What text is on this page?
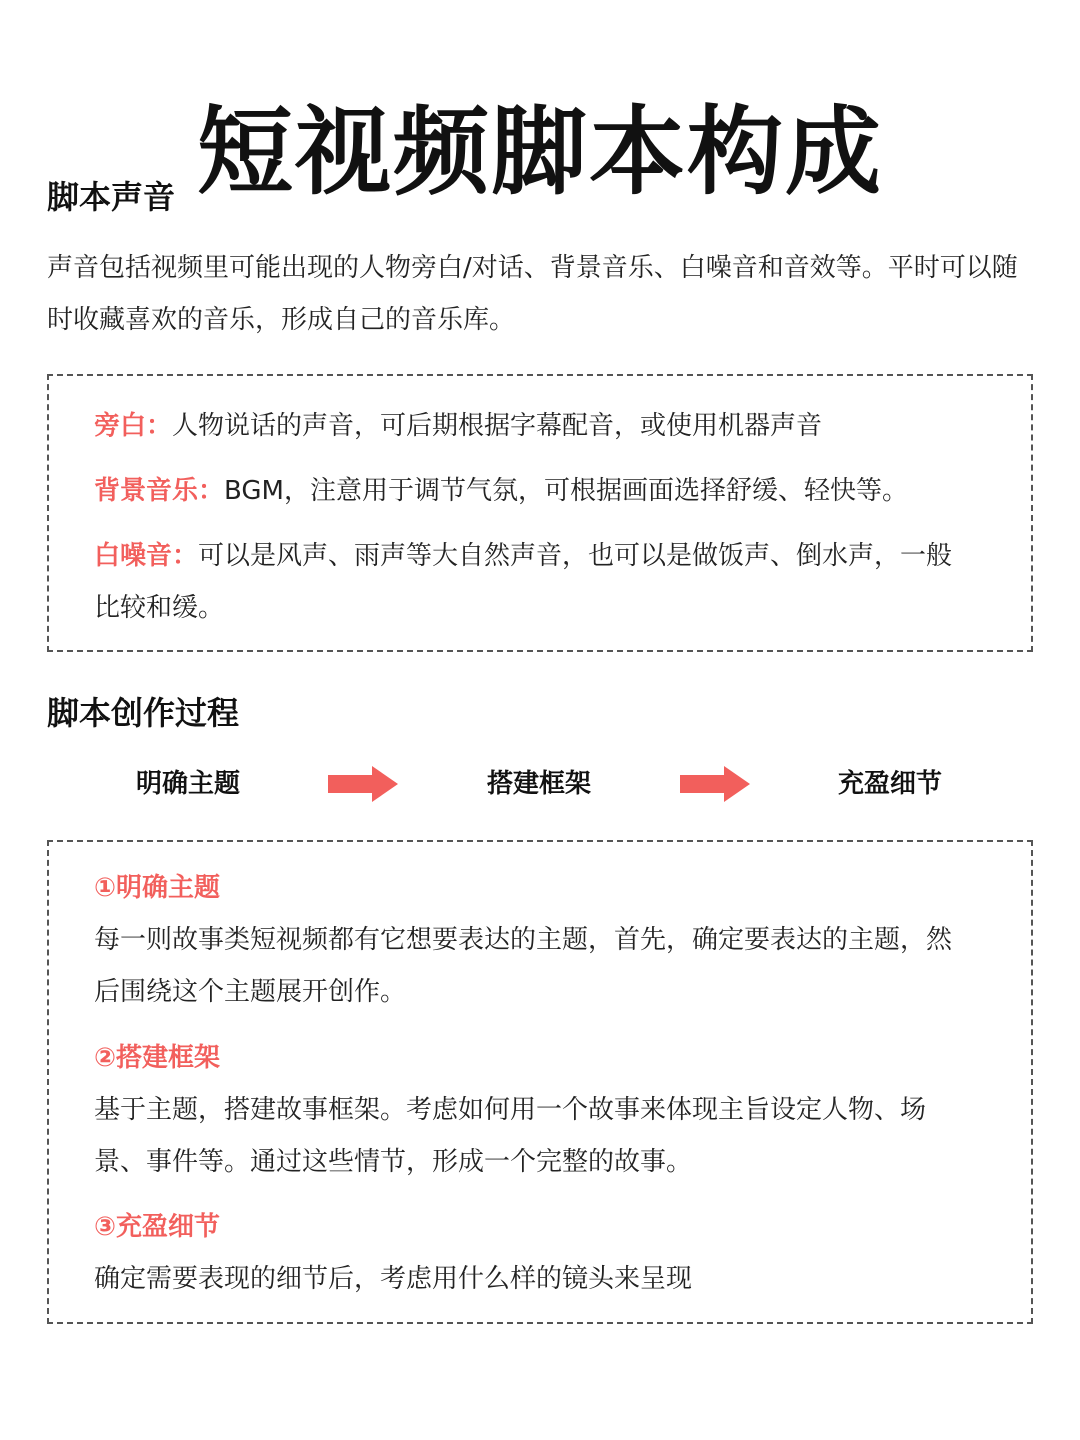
短视频脚本构成
脚本声音
声音包括视频里可能出现的人物旁白/对话、背景音乐、白噪音和音效等。平时可以随时收藏喜欢的音乐，形成自己的音乐库。
旁白：人物说话的声音，可后期根据字幕配音，或使用机器声音
背景音乐：BGM，注意用于调节气氛，可根据画面选择舒缓、轻快等。
白噪音：可以是风声、雨声等大自然声音，也可以是做饭声、倒水声，一般比较和缓。
脚本创作过程
明确主题	搭建框架	充盈细节
①明确主题
每一则故事类短视频都有它想要表达的主题，首先，确定要表达的主题，然后围绕这个主题展开创作。
②搭建框架
基于主题，搭建故事框架。考虑如何用一个故事来体现主旨设定人物、场景、事件等。通过这些情节，形成一个完整的故事。
③充盈细节
确定需要表现的细节后，考虑用什么样的镜头来呈现
